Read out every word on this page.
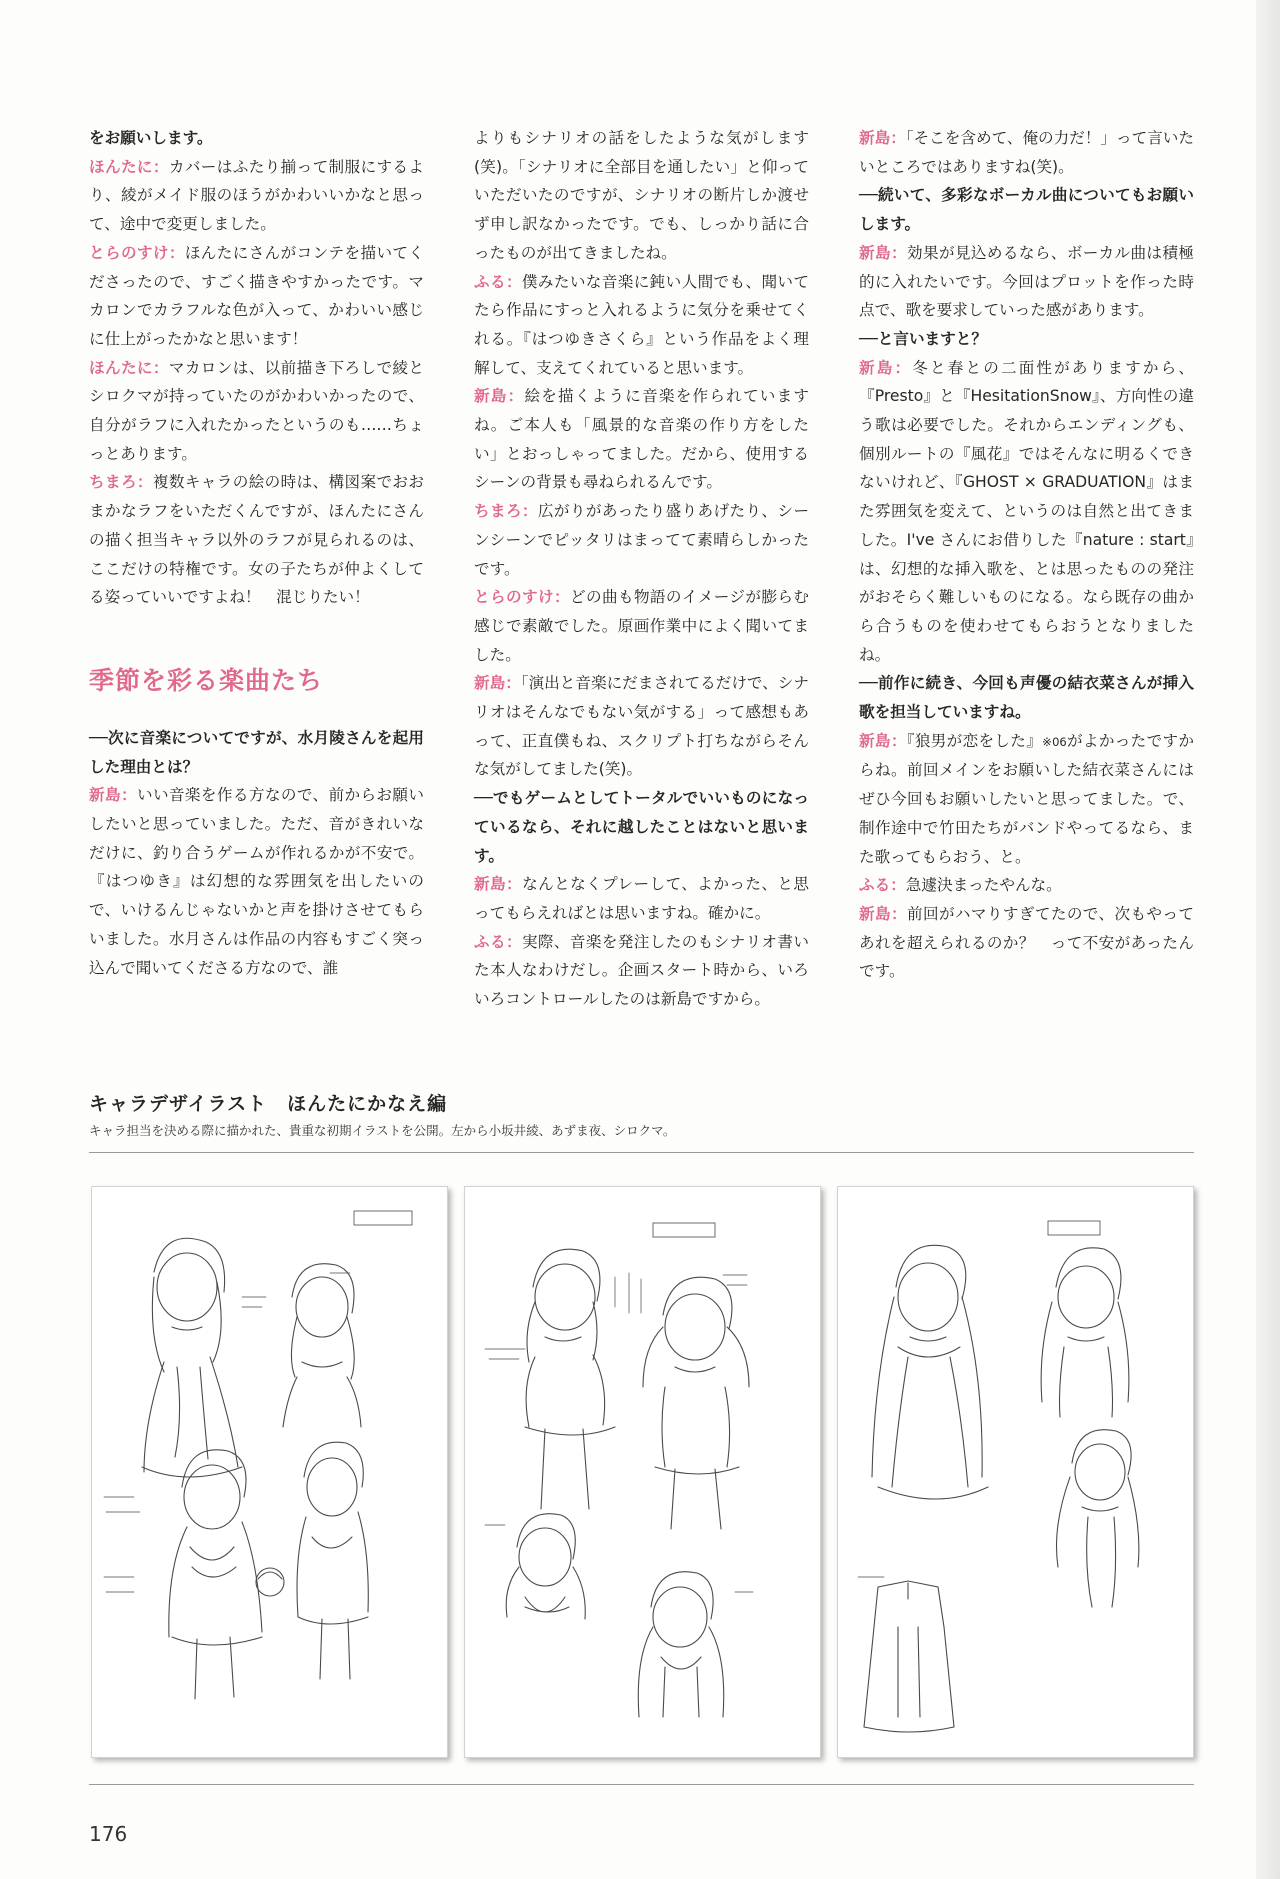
をお願いします。

ほんたに：カバーはふたり揃って制服にするより、綾がメイド服のほうがかわいいかなと思って、途中で変更しました。

とらのすけ：ほんたにさんがコンテを描いてくださったので、すごく描きやすかったです。マカロンでカラフルな色が入って、かわいい感じに仕上がったかなと思います！

ほんたに：マカロンは、以前描き下ろしで綾とシロクマが持っていたのがかわいかったので、自分がラフに入れたかったというのも……ちょっとあります。

ちまろ：複数キャラの絵の時は、構図案でおおまかなラフをいただくんですが、ほんたにさんの描く担当キャラ以外のラフが見られるのは、ここだけの特権です。女の子たちが仲よくしてる姿っていいですよね！　混じりたい！

季節を彩る楽曲たち

──次に音楽についてですが、水月陵さんを起用した理由とは？

新島：いい音楽を作る方なので、前からお願いしたいと思っていました。ただ、音がきれいなだけに、釣り合うゲームが作れるかが不安で。『はつゆき』は幻想的な雰囲気を出したいので、いけるんじゃないかと声を掛けさせてもらいました。水月さんは作品の内容もすごく突っ込んで聞いてくださる方なので、誰

よりもシナリオの話をしたような気がします(笑)。「シナリオに全部目を通したい」と仰っていただいたのですが、シナリオの断片しか渡せず申し訳なかったです。でも、しっかり話に合ったものが出てきましたね。

ふる：僕みたいな音楽に鈍い人間でも、聞いてたら作品にすっと入れるように気分を乗せてくれる。『はつゆきさくら』という作品をよく理解して、支えてくれていると思います。

新島：絵を描くように音楽を作られていますね。ご本人も「風景的な音楽の作り方をしたい」とおっしゃってました。だから、使用するシーンの背景も尋ねられるんです。

ちまろ：広がりがあったり盛りあげたり、シーンシーンでピッタリはまってて素晴らしかったです。

とらのすけ：どの曲も物語のイメージが膨らむ感じで素敵でした。原画作業中によく聞いてました。

新島：「演出と音楽にだまされてるだけで、シナリオはそんなでもない気がする」って感想もあって、正直僕もね、スクリプト打ちながらそんな気がしてました(笑)。

──でもゲームとしてトータルでいいものになっているなら、それに越したことはないと思います。

新島：なんとなくプレーして、よかった、と思ってもらえればとは思いますね。確かに。

ふる：実際、音楽を発注したのもシナリオ書いた本人なわけだし。企画スタート時から、いろいろコントロールしたのは新島ですから。

新島：「そこを含めて、俺の力だ！」って言いたいところではありますね(笑)。

──続いて、多彩なボーカル曲についてもお願いします。

新島：効果が見込めるなら、ボーカル曲は積極的に入れたいです。今回はプロットを作った時点で、歌を要求していった感があります。

──と言いますと？

新島：冬と春との二面性がありますから、『Presto』と『HesitationSnow』、方向性の違う歌は必要でした。それからエンディングも、個別ルートの『風花』ではそんなに明るくできないけれど、『GHOST × GRADUATION』はまた雰囲気を変えて、というのは自然と出てきました。I've さんにお借りした『nature : start』は、幻想的な挿入歌を、とは思ったものの発注がおそらく難しいものになる。なら既存の曲から合うものを使わせてもらおうとなりましたね。

──前作に続き、今回も声優の結衣菜さんが挿入歌を担当していますね。

新島：『狼男が恋をした』※06がよかったですからね。前回メインをお願いした結衣菜さんにはぜひ今回もお願いしたいと思ってました。で、制作途中で竹田たちがバンドやってるなら、また歌ってもらおう、と。

ふる：急遽決まったやんな。

新島：前回がハマりすぎてたので、次もやってあれを超えられるのか？　って不安があったんです。

キャラデザイラスト　ほんたにかなえ編
キャラ担当を決める際に描かれた、貴重な初期イラストを公開。左から小坂井綾、あずま夜、シロクマ。
176
